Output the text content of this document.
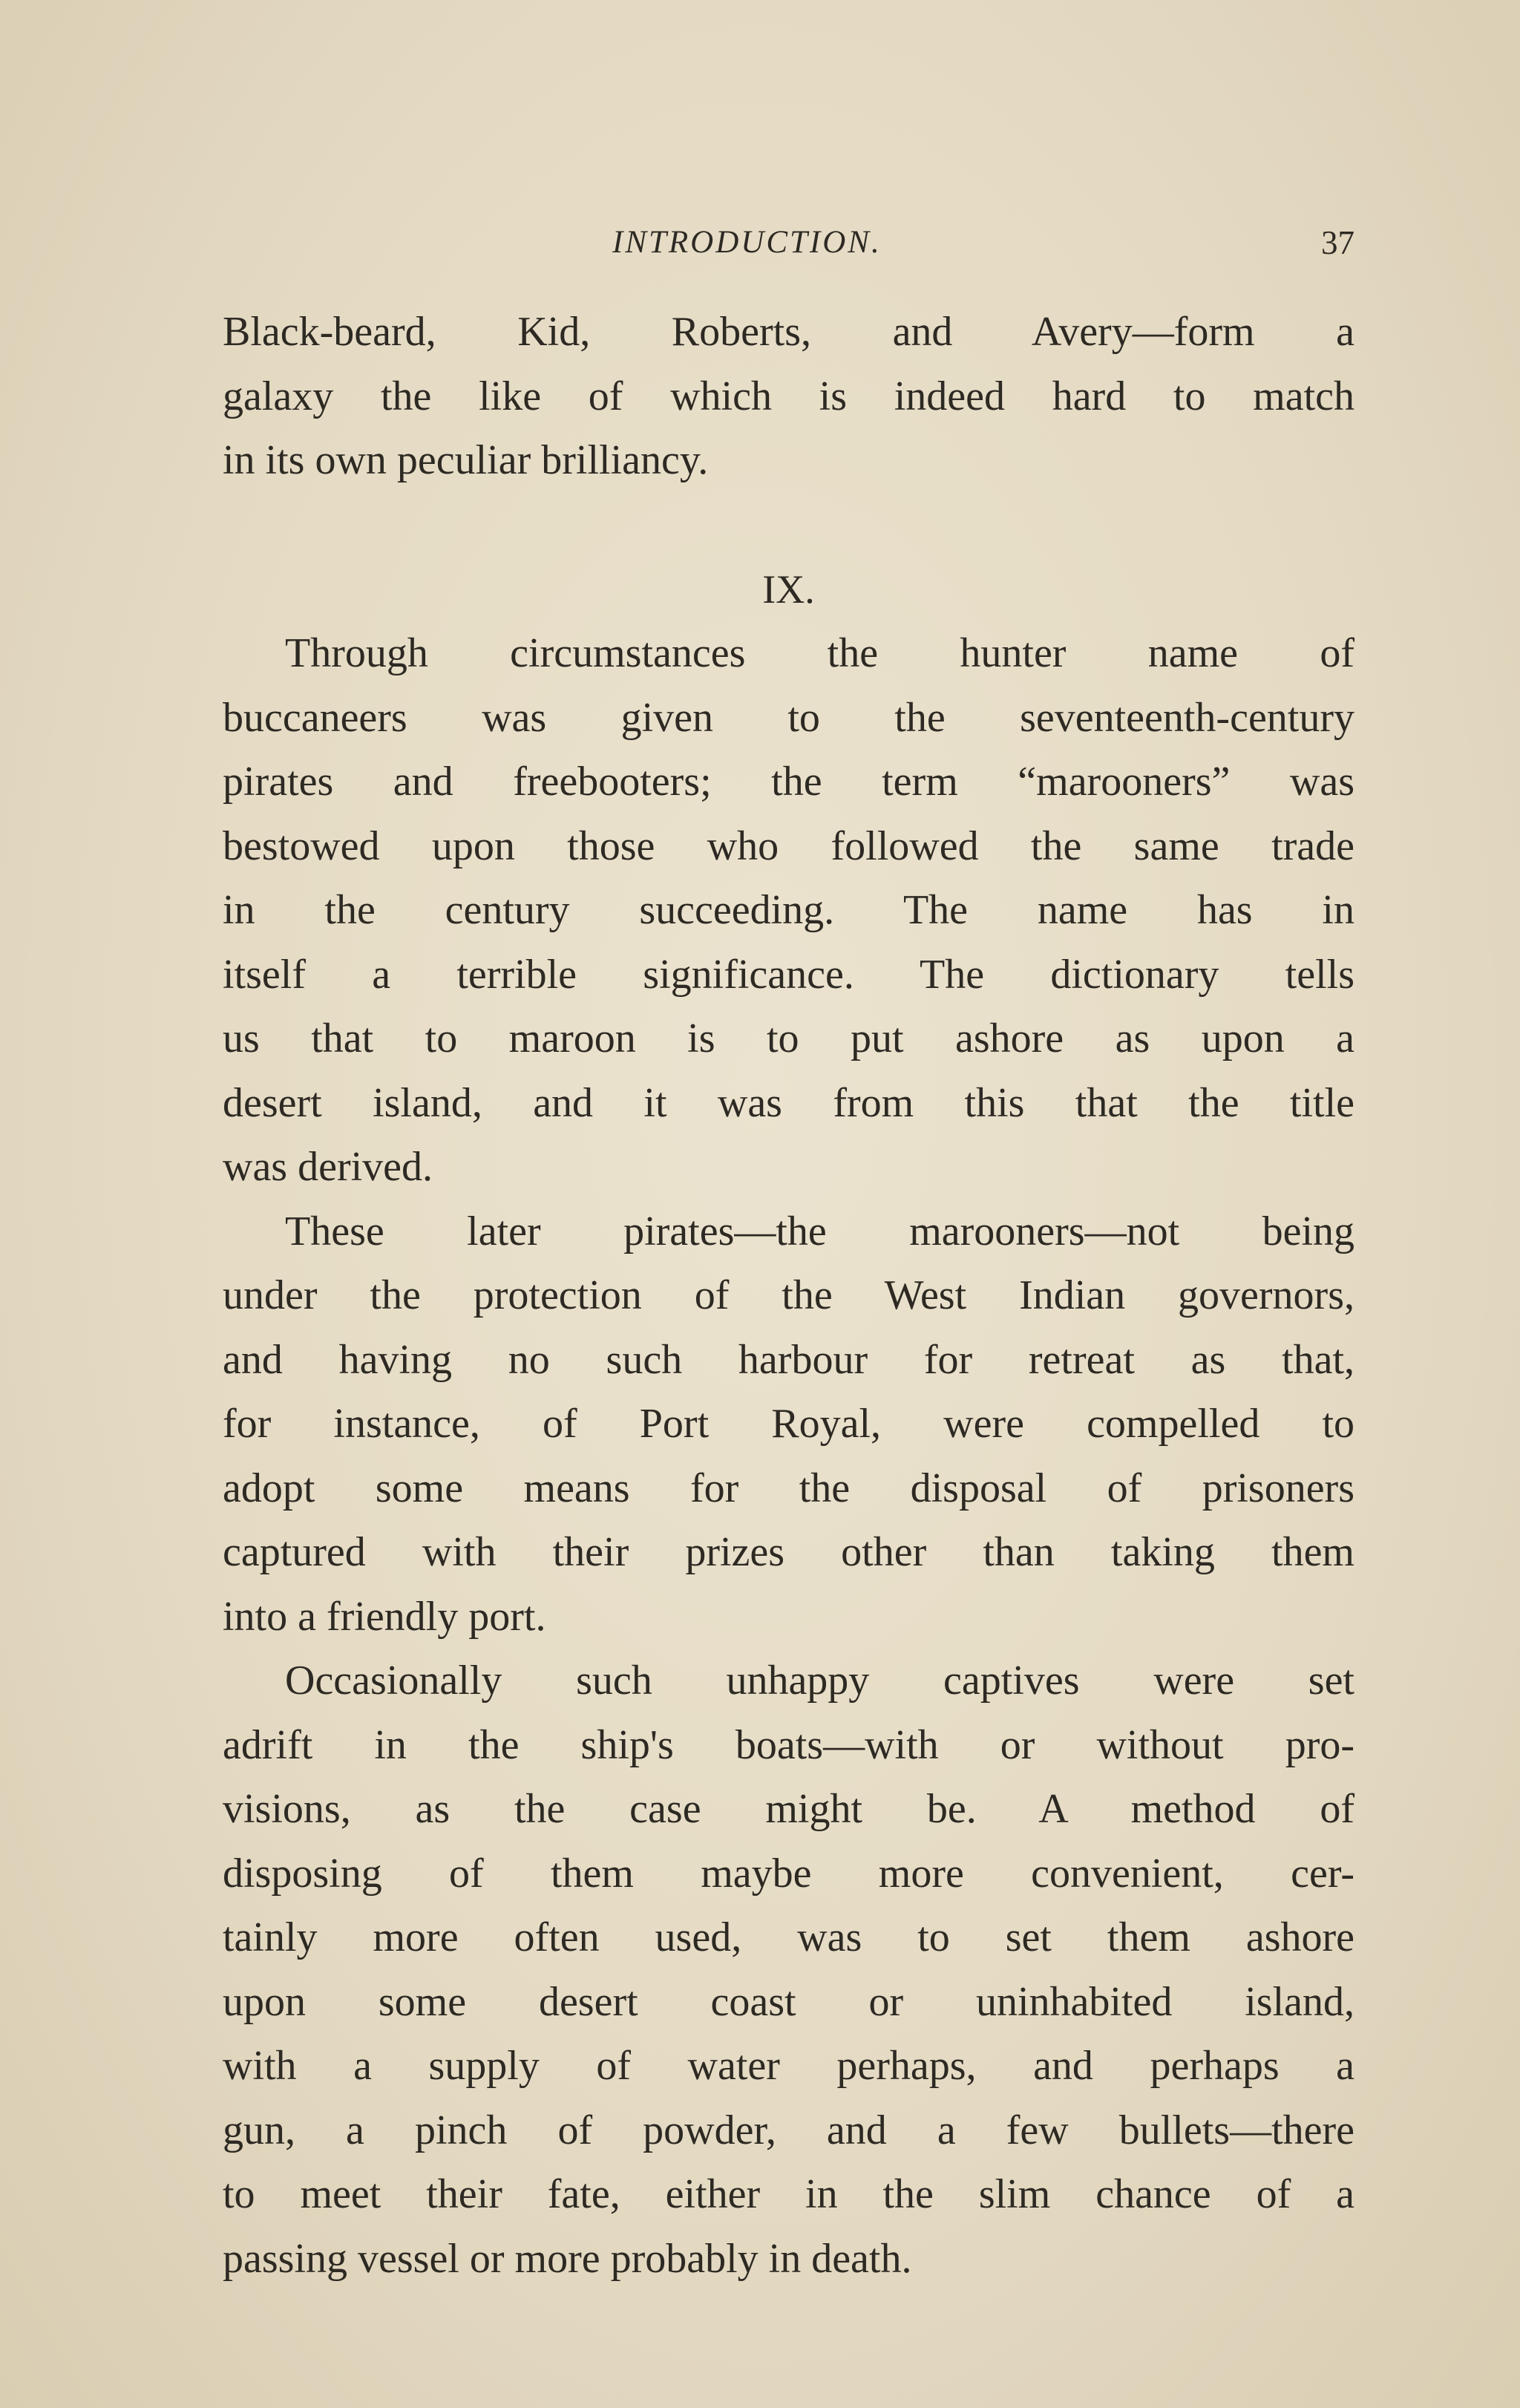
INTRODUCTION.	37
Black-beard, Kid, Roberts, and Avery—form a
galaxy the like of which is indeed hard to match
in its own peculiar brilliancy.
IX.
Through circumstances the hunter name of
buccaneers was given to the seventeenth-century
pirates and freebooters; the term “marooners” was
bestowed upon those who followed the same trade
in the century succeeding. The name has in
itself a terrible significance. The dictionary tells
us that to maroon is to put ashore as upon a
desert island, and it was from this that the title
was derived.
These later pirates—the marooners—not being
under the protection of the West Indian governors,
and having no such harbour for retreat as that,
for instance, of Port Royal, were compelled to
adopt some means for the disposal of prisoners
captured with their prizes other than taking them
into a friendly port.
Occasionally such unhappy captives were set
adrift in the ship's boats—with or without pro-
visions, as the case might be. A method of
disposing of them maybe more convenient, cer-
tainly more often used, was to set them ashore
upon some desert coast or uninhabited island,
with a supply of water perhaps, and perhaps a
gun, a pinch of powder, and a few bullets—there
to meet their fate, either in the slim chance of a
passing vessel or more probably in death.
